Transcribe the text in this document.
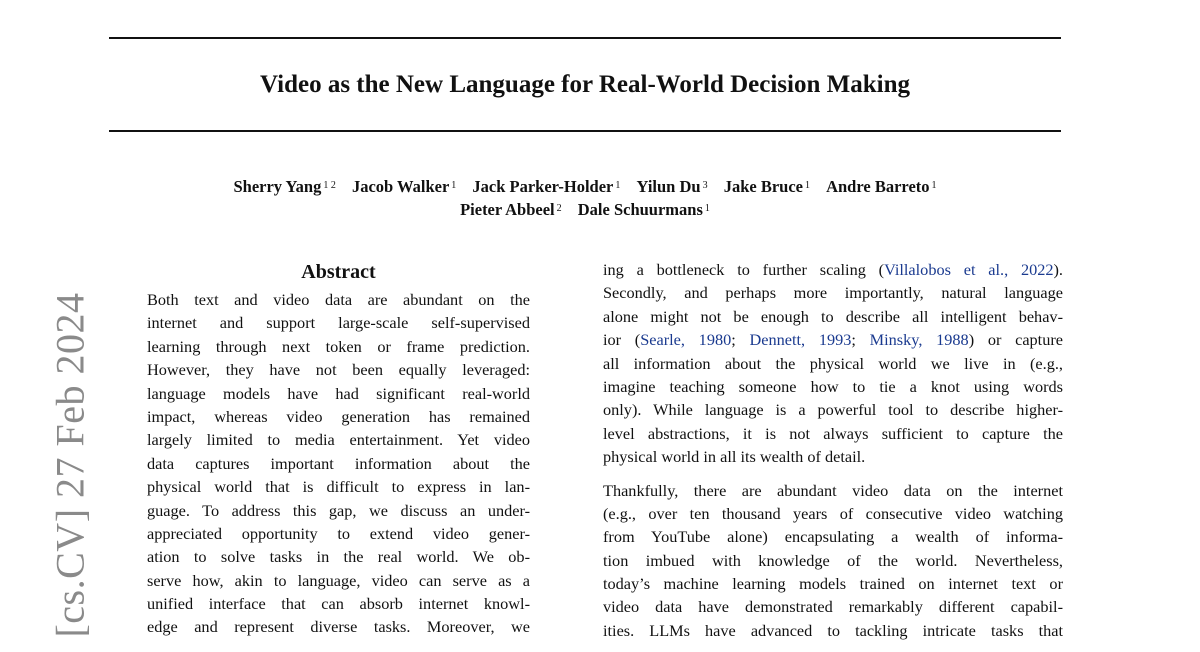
Video as the New Language for Real-World Decision Making
[cs.CV] 27 Feb 2024
Sherry Yang $^{1 2}$ Jacob Walker $^1$ Jack Parker-Holder $^1$ Yilun Du $^3$ Jake Bruce $^1$ Andre Barreto $^1$
Pieter Abbeel $^2$ Dale Schuurmans $^1$
Abstract
Both text and video data are abundant on the
internet and support large-scale self-supervised
learning through next token or frame prediction.
However, they have not been equally leveraged:
language models have had significant real-world
impact, whereas video generation has remained
largely limited to media entertainment. Yet video
data captures important information about the
physical world that is difficult to express in lan-
guage. To address this gap, we discuss an under-
appreciated opportunity to extend video gener-
ation to solve tasks in the real world. We ob-
serve how, akin to language, video can serve as a
unified interface that can absorb internet knowl-
edge and represent diverse tasks. Moreover, we
ing a bottleneck to further scaling (Villalobos et al., 2022).
Secondly, and perhaps more importantly, natural language
alone might not be enough to describe all intelligent behav-
ior (Searle, 1980; Dennett, 1993; Minsky, 1988) or capture
all information about the physical world we live in (e.g.,
imagine teaching someone how to tie a knot using words
only). While language is a powerful tool to describe higher-
level abstractions, it is not always sufficient to capture the
physical world in all its wealth of detail.
Thankfully, there are abundant video data on the internet
(e.g., over ten thousand years of consecutive video watching
from YouTube alone) encapsulating a wealth of informa-
tion imbued with knowledge of the world. Nevertheless,
today’s machine learning models trained on internet text or
video data have demonstrated remarkably different capabil-
ities. LLMs have advanced to tackling intricate tasks that
